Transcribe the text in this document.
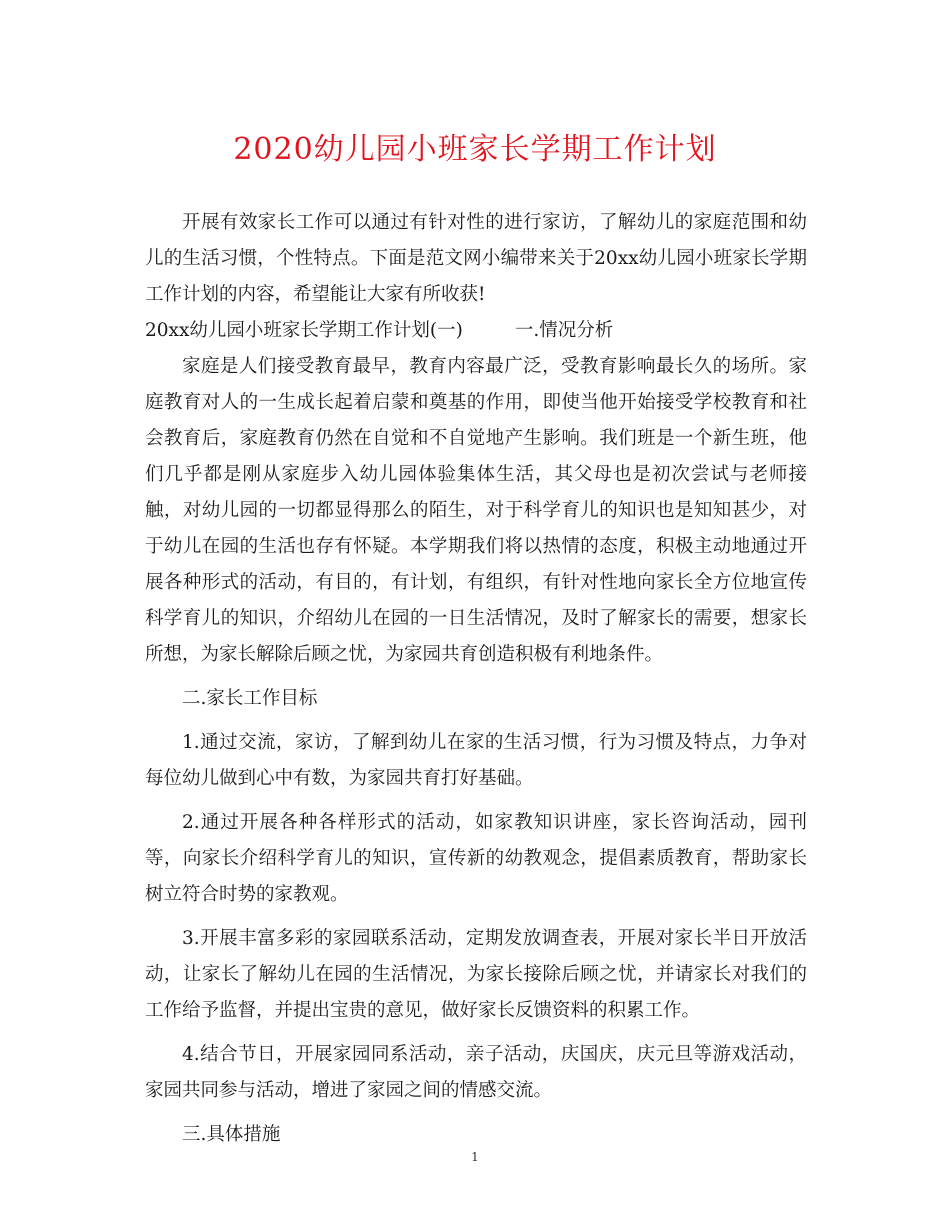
2020幼儿园小班家长学期工作计划

开展有效家长工作可以通过有针对性的进行家访，了解幼儿的家庭范围和幼儿的生活习惯，个性特点。下面是范文网小编带来关于20xx幼儿园小班家长学期工作计划的内容，希望能让大家有所收获!

20xx幼儿园小班家长学期工作计划(一)	一.情况分析

家庭是人们接受教育最早，教育内容最广泛，受教育影响最长久的场所。家庭教育对人的一生成长起着启蒙和奠基的作用，即使当他开始接受学校教育和社会教育后，家庭教育仍然在自觉和不自觉地产生影响。我们班是一个新生班，他们几乎都是刚从家庭步入幼儿园体验集体生活，其父母也是初次尝试与老师接触，对幼儿园的一切都显得那么的陌生，对于科学育儿的知识也是知知甚少，对于幼儿在园的生活也存有怀疑。本学期我们将以热情的态度，积极主动地通过开展各种形式的活动，有目的，有计划，有组织，有针对性地向家长全方位地宣传科学育儿的知识，介绍幼儿在园的一日生活情况，及时了解家长的需要，想家长所想，为家长解除后顾之忧，为家园共育创造积极有利地条件。

二.家长工作目标

1.通过交流，家访，了解到幼儿在家的生活习惯，行为习惯及特点，力争对每位幼儿做到心中有数，为家园共育打好基础。

2.通过开展各种各样形式的活动，如家教知识讲座，家长咨询活动，园刊等，向家长介绍科学育儿的知识，宣传新的幼教观念，提倡素质教育，帮助家长树立符合时势的家教观。

3.开展丰富多彩的家园联系活动，定期发放调查表，开展对家长半日开放活动，让家长了解幼儿在园的生活情况，为家长接除后顾之忧，并请家长对我们的工作给予监督，并提出宝贵的意见，做好家长反馈资料的积累工作。

4.结合节日，开展家园同系活动，亲子活动，庆国庆，庆元旦等游戏活动，家园共同参与活动，增进了家园之间的情感交流。

三.具体措施

1
